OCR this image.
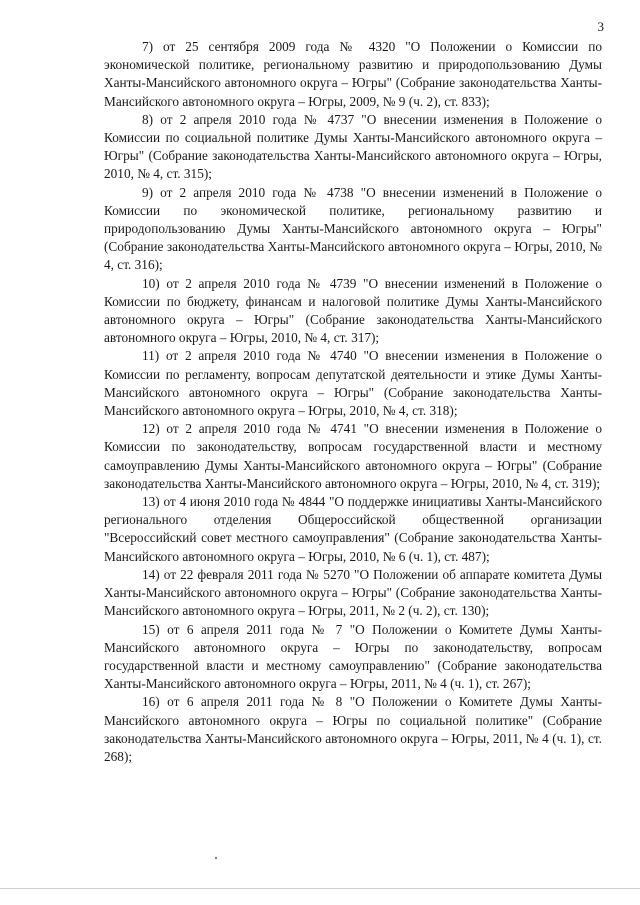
3

7) от 25 сентября 2009 года № 4320 "О Положении о Комиссии по экономической политике, региональному развитию и природопользованию Думы Ханты-Мансийского автономного округа – Югры" (Собрание законодательства Ханты-Мансийского автономного округа – Югры, 2009, № 9 (ч. 2), ст. 833);

8) от 2 апреля 2010 года № 4737 "О внесении изменения в Положение о Комиссии по социальной политике Думы Ханты-Мансийского автономного округа – Югры" (Собрание законодательства Ханты-Мансийского автономного округа – Югры, 2010, № 4, ст. 315);

9) от 2 апреля 2010 года № 4738 "О внесении изменений в Положение о Комиссии по экономической политике, региональному развитию и природопользованию Думы Ханты-Мансийского автономного округа – Югры" (Собрание законодательства Ханты-Мансийского автономного округа – Югры, 2010, № 4, ст. 316);

10) от 2 апреля 2010 года № 4739 "О внесении изменений в Положение о Комиссии по бюджету, финансам и налоговой политике Думы Ханты-Мансийского автономного округа – Югры" (Собрание законодательства Ханты-Мансийского автономного округа – Югры, 2010, № 4, ст. 317);

11) от 2 апреля 2010 года № 4740 "О внесении изменения в Положение о Комиссии по регламенту, вопросам депутатской деятельности и этике Думы Ханты-Мансийского автономного округа – Югры" (Собрание законодательства Ханты-Мансийского автономного округа – Югры, 2010, № 4, ст. 318);

12) от 2 апреля 2010 года № 4741 "О внесении изменения в Положение о Комиссии по законодательству, вопросам государственной власти и местному самоуправлению Думы Ханты-Мансийского автономного округа – Югры" (Собрание законодательства Ханты-Мансийского автономного округа – Югры, 2010, № 4, ст. 319);

13) от 4 июня 2010 года № 4844 "О поддержке инициативы Ханты-Мансийского регионального отделения Общероссийской общественной организации "Всероссийский совет местного самоуправления" (Собрание законодательства Ханты-Мансийского автономного округа – Югры, 2010, № 6 (ч. 1), ст. 487);

14) от 22 февраля 2011 года № 5270 "О Положении об аппарате комитета Думы Ханты-Мансийского автономного округа – Югры" (Собрание законодательства Ханты-Мансийского автономного округа – Югры, 2011, № 2 (ч. 2), ст. 130);

15) от 6 апреля 2011 года № 7 "О Положении о Комитете Думы Ханты-Мансийского автономного округа – Югры по законодательству, вопросам государственной власти и местному самоуправлению" (Собрание законодательства Ханты-Мансийского автономного округа – Югры, 2011, № 4 (ч. 1), ст. 267);

16) от 6 апреля 2011 года № 8 "О Положении о Комитете Думы Ханты-Мансийского автономного округа – Югры по социальной политике" (Собрание законодательства Ханты-Мансийского автономного округа – Югры, 2011, № 4 (ч. 1), ст. 268);
